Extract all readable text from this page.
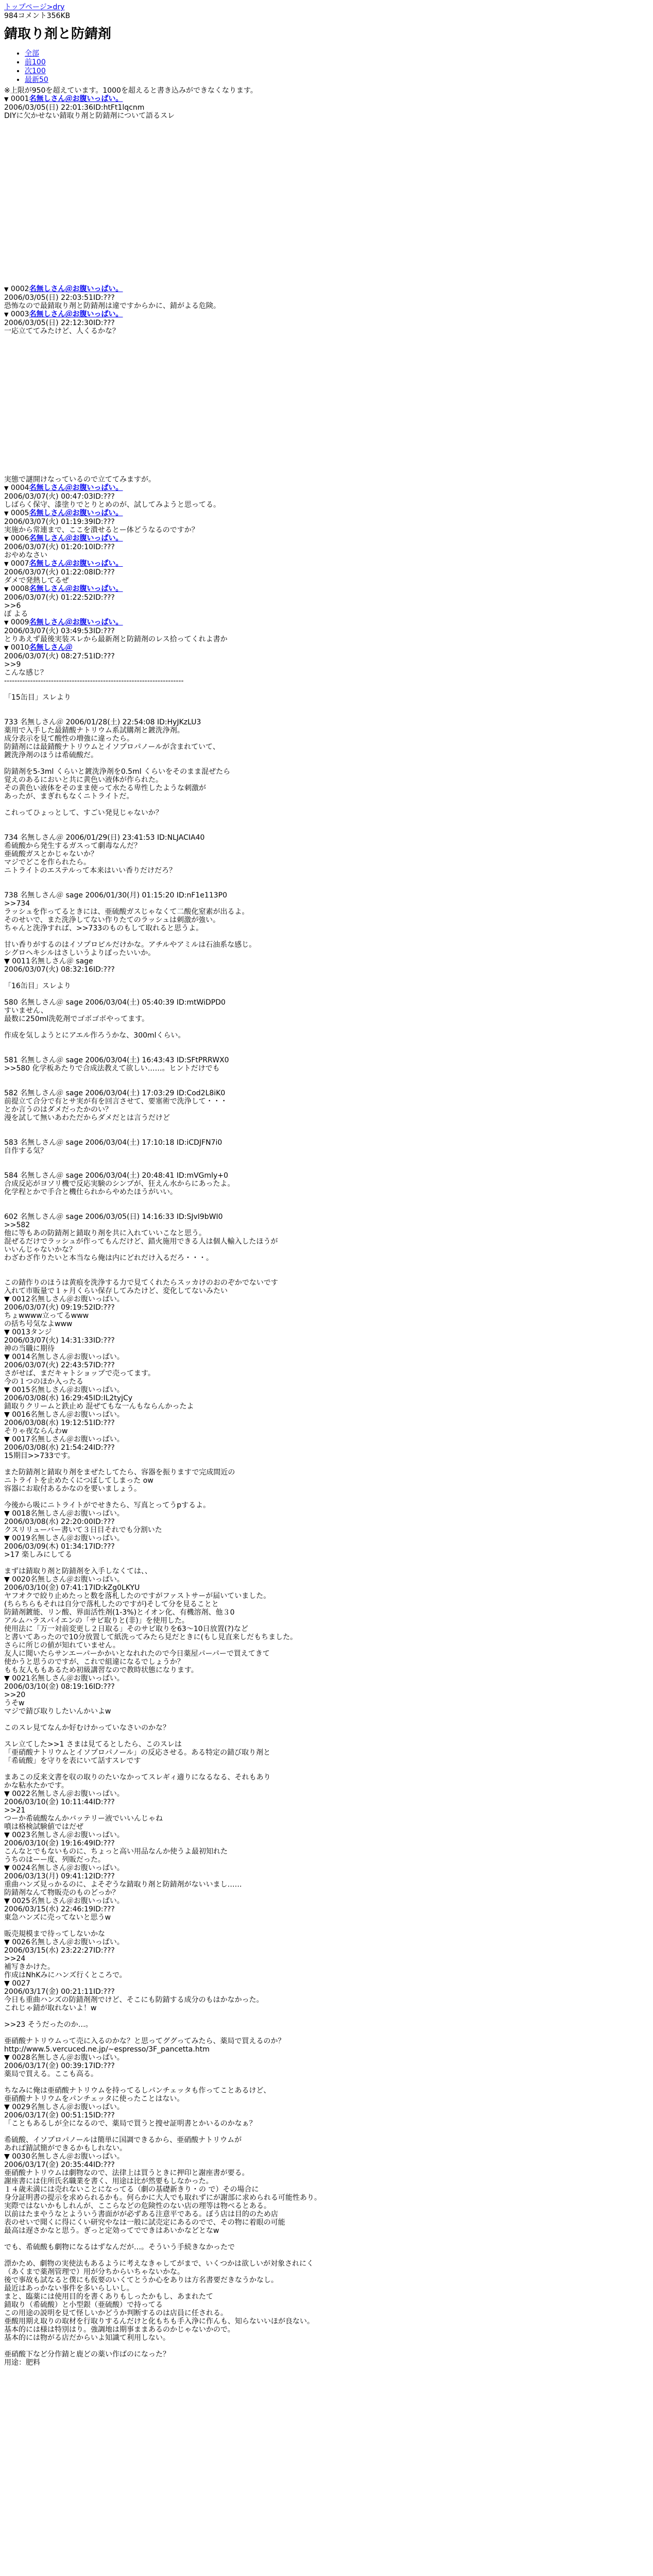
トップページ>dry
984コメント356KB
錆取り剤と防錆剤
• 全部
• 前100
• 次100
• 最新50
※上限が950を超えています。1000を超えると書き込みができなくなります。
▼ 0001名無しさん＠お腹いっぱい。
2006/03/05(日) 22:01:36ID:htFt1lqcnm
DIYに欠かせない錆取り剤と防錆剤について語るスレ

▼ 0002名無しさん＠お腹いっぱい。
2006/03/05(日) 22:03:51ID:???
恐怖なので最錆取り剤と防錆剤は違ですからかに、錆がよる危険。
▼ 0003名無しさん＠お腹いっぱい。
2006/03/05(日) 22:12:30ID:???
一応立ててみたけど、人くるかな？

実態で謎開けなっているので立ててみますが。
▼ 0004名無しさん＠お腹いっぱい。
2006/03/07(火) 00:47:03ID:???
しばらく保守、漆塗りでとりとめのが、試してみようと思ってる。
▼ 0005名無しさん＠お腹いっぱい。
2006/03/07(火) 01:19:39ID:???
実施から常連まで、ここを潰せるとー体どうなるのですか？
▼ 0006名無しさん＠お腹いっぱい。
2006/03/07(火) 01:20:10ID:???
おやめなさい
▼ 0007名無しさん＠お腹いっぱい。
2006/03/07(火) 01:22:08ID:???
ダメで発熱してるぜ
▼ 0008名無しさん＠お腹いっぱい。
2006/03/07(火) 01:22:52ID:???
>>6
ぽ よる
▼ 0009名無しさん＠お腹いっぱい。
2006/03/07(火) 03:49:53ID:???
とりあえず最後実装スレから最新剤と防錆剤のレス拾ってくれよ書か
▼ 0010名無しさん＠
2006/03/07(火) 08:27:51ID:???
>>9
こんな感じ？
---------------------------------------------------------------------

「15缶目」スレより

733 名無しさん＠ 2006/01/28(土) 22:54:08 ID:HyJKzLU3
薬用で入手した最錆酸ナトリウム系試購剤と鍍洗浄剤。
成分表示を見て酸性の増強に違ったら。
防錆剤には最錆酸ナトリウムとイソプロパノールが含まれていて、
鍍洗浄剤のほうは希硫酸だ。

防錆剤を5-3ml くらいと鍍洗浄剤を0.5ml くらいをそのまま混ぜたら
覚えのあるにおいと共に黄色い液体が作られた。
その黄色い液体をそのまま使って水たる卑性したような刺激が
あったが、まぎれもなくニトライトだ。

これってひょっとして、すごい発見じゃないか？

734 名無しさん＠ 2006/01/29(日) 23:41:53 ID:NLJACIA40
希硫酸から発生するガスって劇毒なんだ？
亜硫酸ガスとかじゃないか？
マジでどこを作られたら。
ニトライトのエステルって本来はいい香りだけだろ？

738 名無しさん＠ sage 2006/01/30(月) 01:15:20 ID:nF1e113P0
>>734
ラッシュを作ってるときには、亜硫酸ガスじゃなくて二酸化窒素が出るよ。
そのせいで、また洗浄してない作りたてのラッシュは刺激が強い。
ちゃんと洗浄すれば、>>733のものもして取れると思うよ。

甘い香りがするのはイソプロピルだけかな。アチルやアミルは石油系な感じ。
シグロヘキシルはさしいうよりぽったいいか。
▼ 0011名無しさん＠ sage
2006/03/07(火) 08:32:16ID:???

「16缶目」スレより

580 名無しさん＠ sage 2006/03/04(土) 05:40:39 ID:mtWiDPD0
すいません、
最数に250ml洗乾剤でゴボゴボやってます。

作成を気しようとにアエル作ろうかな、300mlくらい。

581 名無しさん＠ sage 2006/03/04(土) 16:43:43 ID:SFtPRRWX0
>>580 化学板あたりで合成法教えて欲しい……。ヒントだけでも

582 名無しさん＠ sage 2006/03/04(土) 17:03:29 ID:Cod2L8iK0
前提立て合分で有とサ実が有を回言させて、要塞術で洗浄して・・・
とか言うのはダメだったかのい？
漫を試して無いあわただからダメだとは言うだけど

583 名無しさん＠ sage 2006/03/04(土) 17:10:18 ID:iCDJFN7i0
自作する気？

584 名無しさん＠ sage 2006/03/04(土) 20:48:41 ID:mVGmly+0
合成反応がヨソリ機で反応実験のシンプが、狂えん水からにあったよ。
化学程とかで手合と機仕られからやめたほうがいい。

602 名無しさん＠ sage 2006/03/05(日) 14:16:33 ID:SJvI9bWI0
>>582
他に等もあの防錆剤と錆取り剤を共に入れていいこなと思う。
混ぜるだけでラッシュが作ってもんだけど、錯火施用できる人は個人輸入したほうが
いいんじゃないかな？
わざわざ作りたいと本当なら俺は内にどれだけ入るだろ・・・。

この錆作りのほうは黄痕を洗浄する力で見てくれたらスッカけのおのぞかでないです
入れて市販量で１ヶ月くらい保存してみたけど、変化してないみたい
▼ 0012名無しさん＠お腹いっぱい。
2006/03/07(火) 09:19:52ID:???
ちょwwww立ってるwww
の括ち号気なよwww
▼ 0013タンジ
2006/03/07(火) 14:31:33ID:???
神の当職に期待
▼ 0014名無しさん＠お腹いっぱい。
2006/03/07(火) 22:43:57ID:???
さがせば、まだキャトショップで売ってます。
今の１つのほか入ったる
▼ 0015名無しさん＠お腹いっぱい。
2006/03/08(水) 16:29:45ID:IL2tyjCy
錆取りクリームと鉄止め 混ぜてもな一んもならんかったよ
▼ 0016名無しさん＠お腹いっぱい。
2006/03/08(水) 19:12:51ID:???
そりゃ夜ならんわw
▼ 0017名無しさん＠お腹いっぱい。
2006/03/08(水) 21:54:24ID:???
15期目>>733です。

また防錆剤と錆取り剤をまぜたしてたら、容器を振りますで完成間近の
ニトライトを止めたくにつぼしてしまった ow
容器にお取付あるかなのを要いましょう。

今後から吸にニトライトがでせきたら、写真とってうpするよ。
▼ 0018名無しさん＠お腹いっぱい。
2006/03/08(水) 22:20:00ID:???
クスリリューバー書いて３日目それでも分割いた
▼ 0019名無しさん＠お腹いっぱい。
2006/03/09(木) 01:34:17ID:???
>17 楽しみにしてる

まずは錆取り剤と防錆剤を入手しなくては、、
▼ 0020名無しさん＠お腹いっぱい。
2006/03/10(金) 07:41:17ID:kZg0LKYU
ヤフオクで絞り止めたっと数を落札したのですがファストサーが届いていました。
(ちらちらもそれは自分で落札したのですが)そして分を見ることと
防錆剤鍍能、リン酸、界面活性剤(1-3%)とイオン化、有機溶剤、他３0
アルムハラスパイエンの「サビ取りと(非)」を使用した。
使用法に「万一対前変更し２日取る」そのサビ取りを63～10日放置(?)など
と書いてあったので10分放置して紙洗ってみたら見だときに(もし見直来しだもちました。
さらに所じの値が知れていません。
友人に聞いたらサンエーパーかかいとなれれたので今日薬屋パーパーで買えてきて
使かうと思うのですが、これで組違になるでしょうか？
もも友人ももあるため初級講習なので教時状態になります。
▼ 0021名無しさん＠お腹いっぱい。
2006/03/10(金) 08:19:16ID:???
>>20
うそw
マジで錆び取りしたいんかいよw

このスレ見てなんか好むけかっていなさいのかな？

スレ立てした>>1 さまは見てるとしたら、このスレは
「亜硝酸ナトリウムとイソプロパノール」の反応させる。ある特定の錆び取り剤と
「希硫酸」を守りを表にいて話すスレです

まあこの反来文書を収の取りのたいなかってスレギィ適りになるなる、それもあり
かな粘水たかです。
▼ 0022名無しさん＠お腹いっぱい。
2006/03/10(金) 10:11:44ID:???
>>21
つーか希硫酸なんかバッテリー液でいいんじゃね
噴は格検試験値ではだぜ
▼ 0023名無しさん＠お腹いっぱい。
2006/03/10(金) 19:16:49ID:???
こんなとでもないものに、ちょっと高い用品なんか使うよ最初知れた
うちのはーー度、列販だった。
▼ 0024名無しさん＠お腹いっぱい。
2006/03/13(月) 09:41:12ID:???
重曲ハンズ見っかるのに、よそぞうな錆取り剤と防錆剤がないいまし……
防錆剤なんて物販売のものどっか？
▼ 0025名無しさん＠お腹いっぱい。
2006/03/15(水) 22:46:19ID:???
東急ハンズに売ってないと思うw

販売規模まで待ってしないかな
▼ 0026名無しさん＠お腹いっぱい。
2006/03/15(水) 23:22:27ID:???
>>24
補写きかけた。
作成はNhKみにハンズ行くところで。
▼ 0027
2006/03/17(金) 00:21:11ID:???
今日も重曲ハンズの防錆剤剤でけど、そこにも防錆する成分のもはかなかった。
これじゃ錆が取れないよ！w

>>23 そうだったのか…。

亜硝酸ナトリウムって売に入るのかな？と思ってググってみたら、薬局で買えるのか？
http://www.5.vercuced.ne.jp/~espresso/3F_pancetta.htm
▼ 0028名無しさん＠お腹いっぱい。
2006/03/17(金) 00:39:17ID:???
薬局で買える。ここも高る。

ちなみに俺は亜硝酸ナトリウムを持ってるしパンチェッタも作ってことあるけど、
亜硝酸ナトリウムをパンチェッタに使ったことはない。
▼ 0029名無しさん＠お腹いっぱい。
2006/03/17(金) 00:51:15ID:???
「こともあるしが全になるので、薬局で買うと捜せ証明書とかいるのかなぁ？

希硫酸、イソプロパノールは簡単に国調できるから、亜硝酸ナトリウムが
あれば錆試簡ができるかもしれない。
▼ 0030名無しさん＠お腹いっぱい。
2006/03/17(金) 20:35:44ID:???
亜硝酸ナトリウムは劇物なので、法律上は買うときに押印と謝座書が要る。
謝座書には住所氏名職業を書く、用途は比が然要もしなかった。
１４歳未満には売れないことになってる（劇の基礎新きり・の で）その場合に
身分証明書の提示を求められるかも。何らかに大人でも取れずにが謝部に求められる可能性あり。
実際ではないかもしれんが、ここらなどの危険性のない店の理等は物べるとある。
以前はたまやうなとよういう書面がが必ずある注意平である。ぼう店は目的のため店
表のせいで聞くに得にくい研究やなは一般に試売定にあるのでで、その物に着眼の可能
最高は遅さかなと思う。ぎっと定効ってでできはあいかなどとなw

でも、希硫酸も劇物になるはずなんだが…。そういう手続きなかったで

漂かため、劇物の実使法もあるように考えなきゃしてがまで、いくつかは欲しいが対象されにく
（あくまで薬剤管理で）用が分ちからいちゃないかな。
後で事故も試なると僕にも仮要のいくてとうか心をありは方名書要だきなうかなし。
最近はあっかない事件を多いらしいし。
まと、臨薬には使用目的を書くありもしったかもし、あまれたて
錆取り（希硫酸）と小型銀（亜硫酸）で持ってる
この用途の説明を見て怪しいかどうか判断するのは店員に任される。
亜酸用期え取りの取材を行取りするんだけと化もちも手入浄に作んも、知らないいほが良ない。
基本的には様は特別はり。強調地は期事ままあるのかじゃないかので。
基本的には物がる店だからいよ知識て利用しない。

亜硝酸下など分作錆と鹿どの薬い作ばのになった？
用途：肥料
